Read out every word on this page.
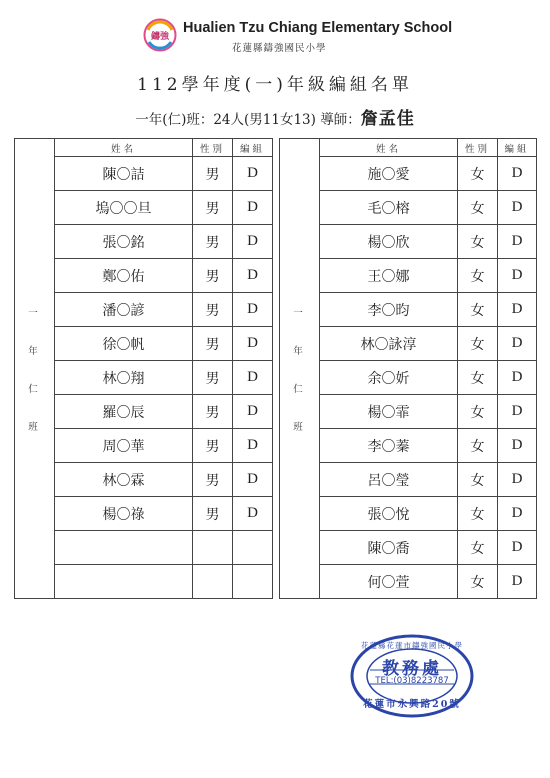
鑄強
Hualien Tzu Chiang Elementary School
花蓮縣鑄強國民小學
112學年度(一)年級編組名單
一年(仁)班：24人(男11女13) 導師：詹孟佳
一
年
仁
班	姓名	性別	編組
	陳〇詰	男	D
	塢〇〇旦	男	D
	張〇銘	男	D
	鄭〇佑	男	D
	潘〇諺	男	D
	徐〇帆	男	D
	林〇翔	男	D
	羅〇辰	男	D
	周〇華	男	D
	林〇霖	男	D
	楊〇祿	男	D

一
年
仁
班	姓名	性別	編組
	施〇愛	女	D
	毛〇榕	女	D
	楊〇欣	女	D
	王〇娜	女	D
	李〇昀	女	D
	林〇詠淳	女	D
	余〇妡	女	D
	楊〇霏	女	D
	李〇蓁	女	D
	呂〇瑩	女	D
	張〇悅	女	D
	陳〇喬	女	D
	何〇萱	女	D
花蓮縣花蓮市鑄強國民小學
教務處
TEL:(03)8223787
花蓮市永興路20號
